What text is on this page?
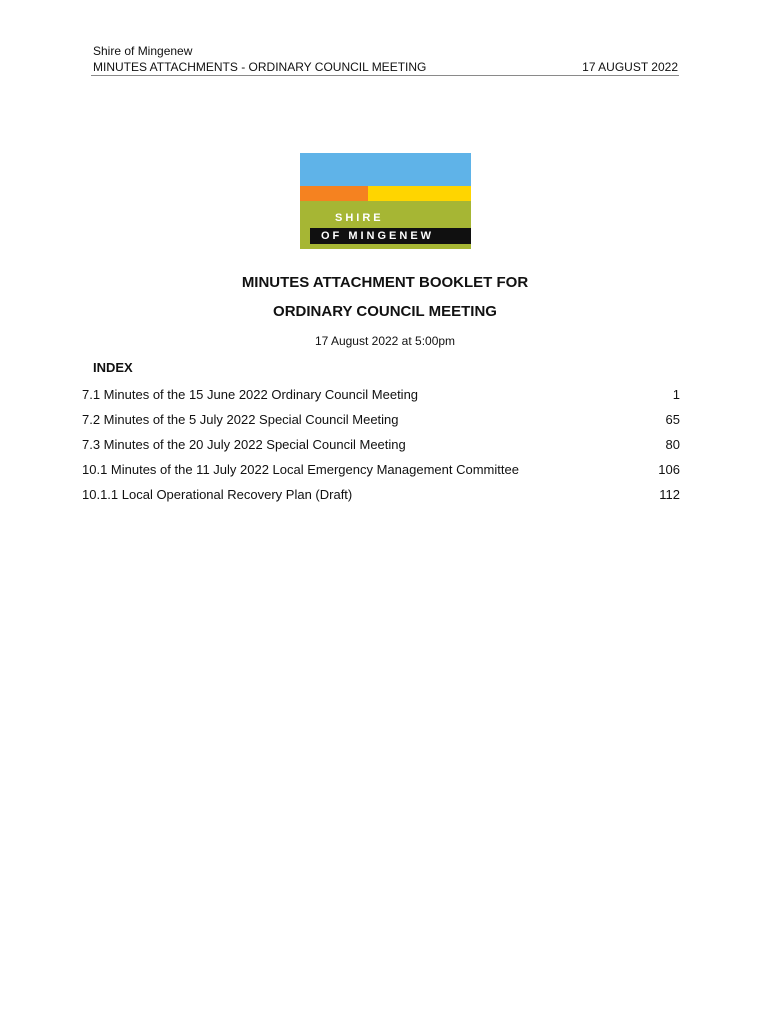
Shire of Mingenew
MINUTES ATTACHMENTS - ORDINARY COUNCIL MEETING	17 AUGUST 2022
SHIRE
OF MINGENEW
MINUTES ATTACHMENT BOOKLET FOR
ORDINARY COUNCIL MEETING
17 August 2022 at 5:00pm
INDEX
7.1 Minutes of the 15 June 2022 Ordinary Council Meeting	1
7.2 Minutes of the 5 July 2022 Special Council Meeting	65
7.3 Minutes of the 20 July 2022 Special Council Meeting	80
10.1 Minutes of the 11 July 2022 Local Emergency Management Committee	106
10.1.1 Local Operational Recovery Plan (Draft)	112
